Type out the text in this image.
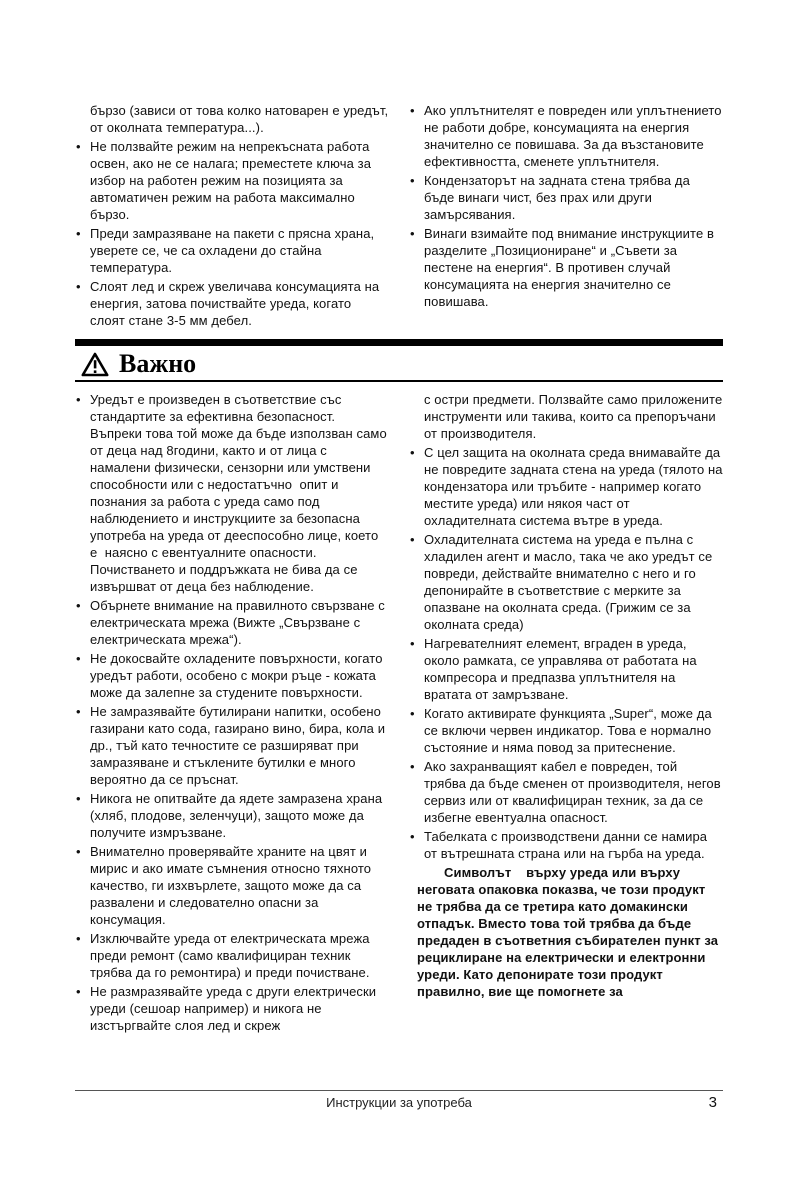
бързо (зависи от това колко натоварен е уредът, от околната температура...).
• Не ползвайте режим на непрекъсната работа освен, ако не се налага; преместете ключа за избор на работен режим на позицията за автоматичен режим на работа максимално бързо.
• Преди замразяване на пакети с прясна храна, уверете се, че са охладени до стайна температура.
• Слоят лед и скреж увеличава консумацията на енергия, затова почиствайте уреда, когато слоят стане 3-5 мм дебел.
• Ако уплътнителят е повреден или уплътнението не работи добре, консумацията на енергия значително се повишава. За да възстановите ефективността, сменете уплътнителя.
• Кондензаторът на задната стена трябва да бъде винаги чист, без прах или други замърсявания.
• Винаги взимайте под внимание инструкциите в разделите „Позициониране“ и „Съвети за пестене на енергия“. В противен случай консумацията на енергия значително се повишава.
Важно
• Уредът е произведен в съответствие със стандартите за ефективна безопасност. Въпреки това той може да бъде използван само от деца над 8години, както и от лица с намалени физически, сензорни или умствени способности или с недостатъчно  опит и познания за работа с уреда само под наблюдението и инструкциите за безопасна употреба на уреда от дееспособно лице, което е  наясно с евентуалните опасности. Почистването и поддръжката не бива да се извършват от деца без наблюдение.
• Обърнете внимание на правилното свързване с електрическата мрежа (Вижте „Свързване с електрическата мрежа“).
• Не докосвайте охладените повърхности, когато уредът работи, особено с мокри ръце - кожата може да залепне за студените повърхности.
• Не замразявайте бутилирани напитки, особено газирани като сода, газирано вино, бира, кола и др., тъй като течностите се разширяват при замразяване и стъклените бутилки е много вероятно да се пръснат.
• Никога не опитвайте да ядете замразена храна (хляб, плодове, зеленчуци), защото може да получите измръзване.
• Внимателно проверявайте храните на цвят и мирис и ако имате съмнения относно тяхното качество, ги изхвърлете, защото може да са развалени и следователно опасни за консумация.
• Изключвайте уреда от електрическата мрежа преди ремонт (само квалифициран техник трябва да го ремонтира) и преди почистване.
• Не размразявайте уреда с други електрически уреди (сешоар например) и никога не изстъргвайте слоя лед и скреж
с остри предмети. Ползвайте само приложените инструменти или такива, които са препоръчани от производителя.
• С цел защита на околната среда внимавайте да не повредите задната стена на уреда (тялото на кондензатора или тръбите - например когато местите уреда) или някоя част от охладителната система вътре в уреда.
• Охладителната система на уреда е пълна с хладилен агент и масло, така че ако уредът се повреди, действайте внимателно с него и го депонирайте в съответствие с мерките за опазване на околната среда. (Грижим се за околната среда)
• Нагревателният елемент, вграден в уреда, около рамката, се управлява от работата на компресора и предпазва уплътнителя на вратата от замръзване.
• Когато активирате функцията „Super“, може да се включи червен индикатор. Това е нормално състояние и няма повод за притеснение.
• Ако захранващият кабел е повреден, той трябва да бъде сменен от производителя, негов сервиз или от квалифициран техник, за да се избегне евентуална опасност.
• Табелката с производствени данни се намира от вътрешната страна или на гърба на уреда.
Символът    върху уреда или върху неговата опаковка показва, че този продукт не трябва да се третира като домакински отпадък. Вместо това той трябва да бъде предаден в съответния събирателен пункт за рециклиране на електрически и електронни уреди. Като депонирате този продукт правилно, вие ще помогнете за
Инструкции за употреба	3
